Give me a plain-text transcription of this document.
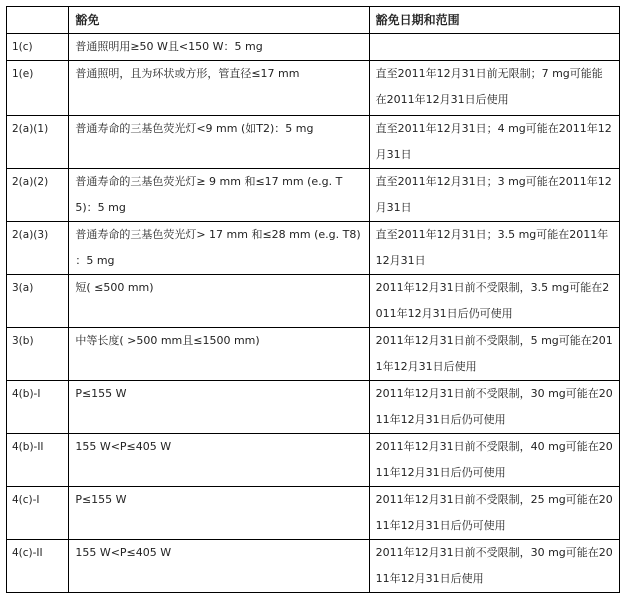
	豁免	豁免日期和范围
1(c)	普通照明用≥50 W且<150 W：5 mg	
1(e)	普通照明，且为环状或方形，管直径≤17 mm	直至2011年12月31日前无限制；7 mg可能能在2011年12月31日后使用
2(a)(1)	普通寿命的三基色荧光灯<9 mm (如T2)：5 mg	直至2011年12月31日；4 mg可能在2011年12月31日
2(a)(2)	普通寿命的三基色荧光灯≥ 9 mm 和≤17 mm (e.g. T5)：5 mg	直至2011年12月31日；3 mg可能在2011年12月31日
2(a)(3)	普通寿命的三基色荧光灯> 17 mm 和≤28 mm (e.g. T8) ：5 mg	直至2011年12月31日；3.5 mg可能在2011年12月31日
3(a)	短( ≤500 mm)	2011年12月31日前不受限制，3.5 mg可能在2011年12月31日后仍可使用
3(b)	中等长度( >500 mm且≤1500 mm)	2011年12月31日前不受限制，5 mg可能在2011年12月31日后使用
4(b)-I	P≤155 W	2011年12月31日前不受限制，30 mg可能在2011年12月31日后仍可使用
4(b)-II	155 W<P≤405 W	2011年12月31日前不受限制，40 mg可能在2011年12月31日后仍可使用
4(c)-I	P≤155 W	2011年12月31日前不受限制，25 mg可能在2011年12月31日后仍可使用
4(c)-II	155 W<P≤405 W	2011年12月31日前不受限制，30 mg可能在2011年12月31日后使用
